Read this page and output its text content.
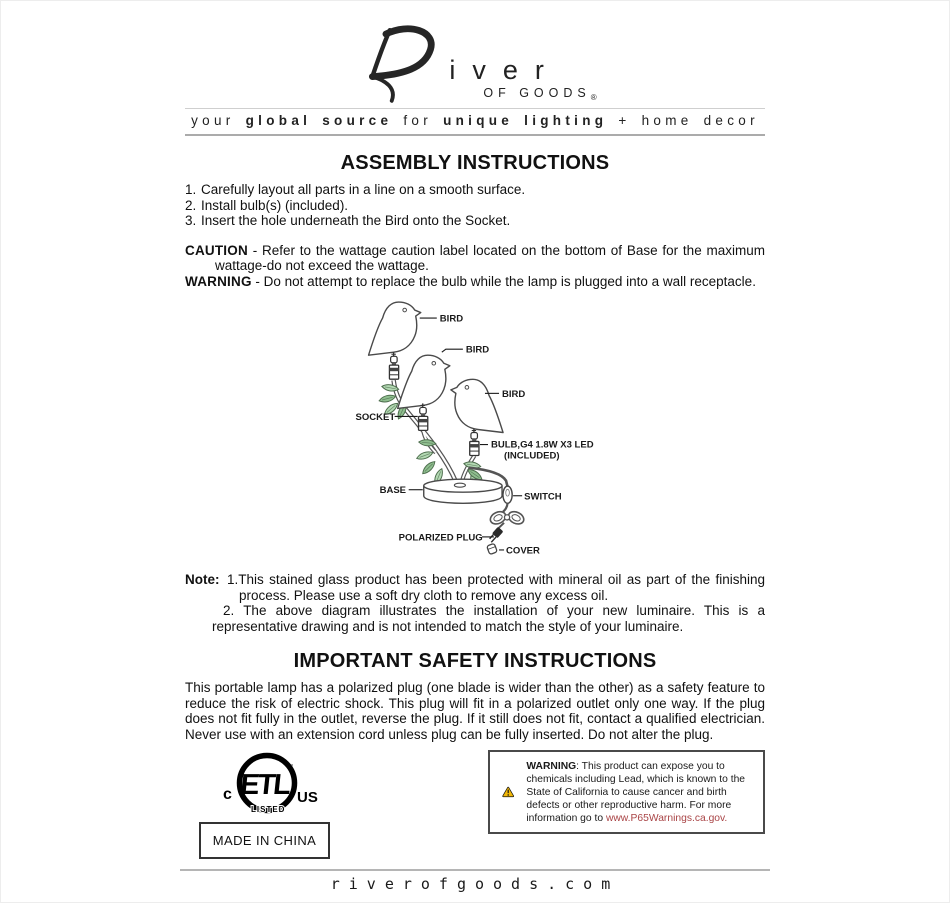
iver
OF $GOODS_®$
your global source for unique lighting + home decor
ASSEMBLY INSTRUCTIONS
1. Carefully layout all parts in a line on a smooth surface.
2. Install bulb(s) (included).
3. Insert the hole underneath the Bird onto the Socket.
CAUTION - Refer to the wattage caution label located on the bottom of Base for the maximum wattage-do not exceed the wattage.
WARNING - Do not attempt to replace the bulb while the lamp is plugged into a wall receptacle.
BIRD
BIRD
BIRD
SOCKET
BULB,G4 1.8W X3 LED
(INCLUDED)
BASE
SWITCH
POLARIZED PLUG
COVER
Note: 1.This stained glass product has been protected with mineral oil as part of the finishing process. Please use a soft dry cloth to remove any excess oil.
2. The above diagram illustrates the installation of your new luminaire. This is a representative drawing and is not intended to match the style of your luminaire.
IMPORTANT SAFETY INSTRUCTIONS
This portable lamp has a polarized plug (one blade is wider than the other) as a safety feature to reduce the risk of electric shock. This plug will fit in a polarized outlet only one way. If the plug does not fit fully in the outlet, reverse the plug. If it still does not fit, contact a qualified electrician. Never use with an extension cord unless plug can be fully inserted. Do not alter the plug.
ETL
™
c	US
LISTED
MADE IN CHINA
WARNING: This product can expose you to chemicals including Lead, which is known to the State of California to cause cancer and birth defects or other reproductive harm. For more information go to www.P65Warnings.ca.gov.
riverofgoods.com
